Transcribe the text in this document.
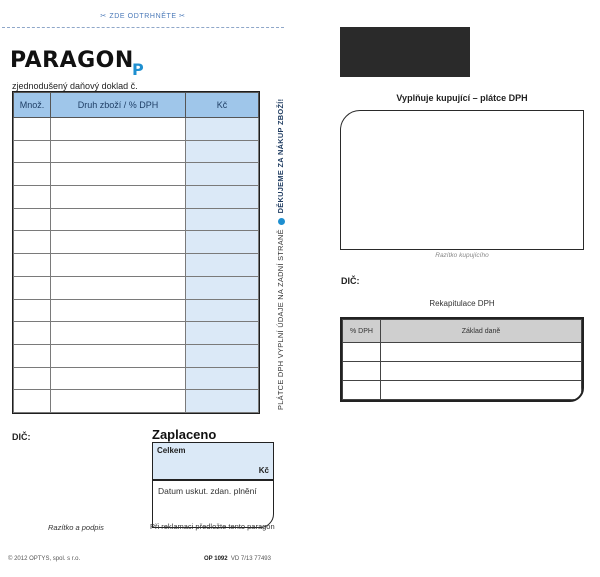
✂ ZDE ODTRHNĚTE ✂
PARAGON
P
zjednodušený daňový doklad č.
Množ.	Druh zboží / % DPH	Kč

PLÁTCE DPH VYPLNÍ ÚDAJE NA ZADNÍ STRANĚ  DĚKUJEME ZA NÁKUP ZBOŽÍ!
DIČ:	Zaplaceno
Celkem
Kč
Datum uskut. zdan. plnění
Razítko a podpis	Při reklamaci předložte tento paragon
© 2012 OPTYS, spol. s r.o.	OP 1092 VD 7/13 77493
Vyplňuje kupující – plátce DPH
Razítko kupujícího
DIČ:
Rekapitulace DPH
% DPH	Základ daně
